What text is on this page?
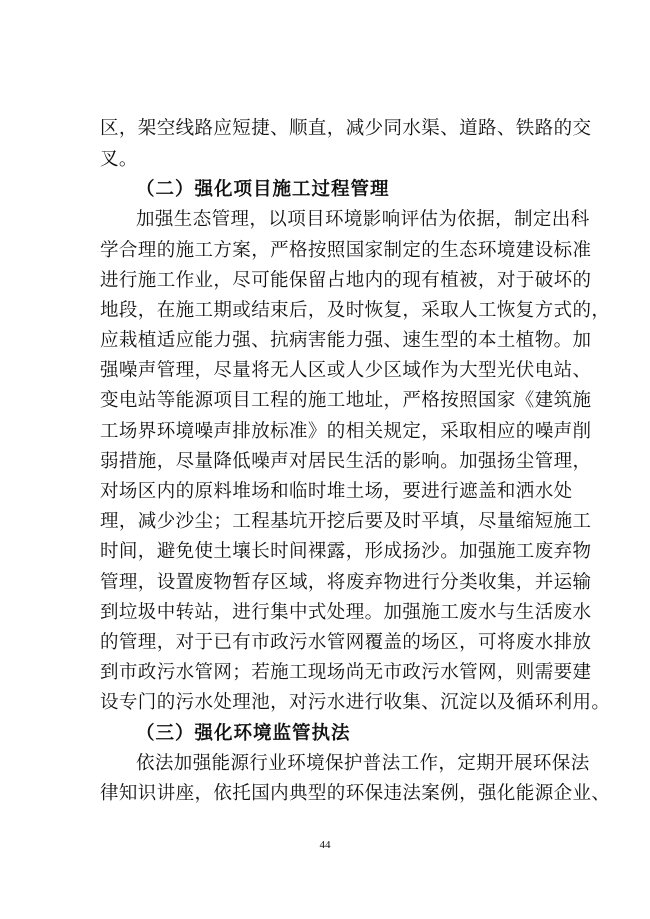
区，架空线路应短捷、顺直，减少同水渠、道路、铁路的交
叉。
（二）强化项目施工过程管理
加强生态管理，以项目环境影响评估为依据，制定出科
学合理的施工方案，严格按照国家制定的生态环境建设标准
进行施工作业，尽可能保留占地内的现有植被，对于破坏的
地段，在施工期或结束后，及时恢复，采取人工恢复方式的，
应栽植适应能力强、抗病害能力强、速生型的本土植物。加
强噪声管理，尽量将无人区或人少区域作为大型光伏电站、
变电站等能源项目工程的施工地址，严格按照国家《建筑施
工场界环境噪声排放标准》的相关规定，采取相应的噪声削
弱措施，尽量降低噪声对居民生活的影响。加强扬尘管理，
对场区内的原料堆场和临时堆土场，要进行遮盖和洒水处
理，减少沙尘；工程基坑开挖后要及时平填，尽量缩短施工
时间，避免使土壤长时间裸露，形成扬沙。加强施工废弃物
管理，设置废物暂存区域，将废弃物进行分类收集，并运输
到垃圾中转站，进行集中式处理。加强施工废水与生活废水
的管理，对于已有市政污水管网覆盖的场区，可将废水排放
到市政污水管网；若施工现场尚无市政污水管网，则需要建
设专门的污水处理池，对污水进行收集、沉淀以及循环利用。
（三）强化环境监管执法
依法加强能源行业环境保护普法工作，定期开展环保法
律知识讲座，依托国内典型的环保违法案例，强化能源企业、
44
